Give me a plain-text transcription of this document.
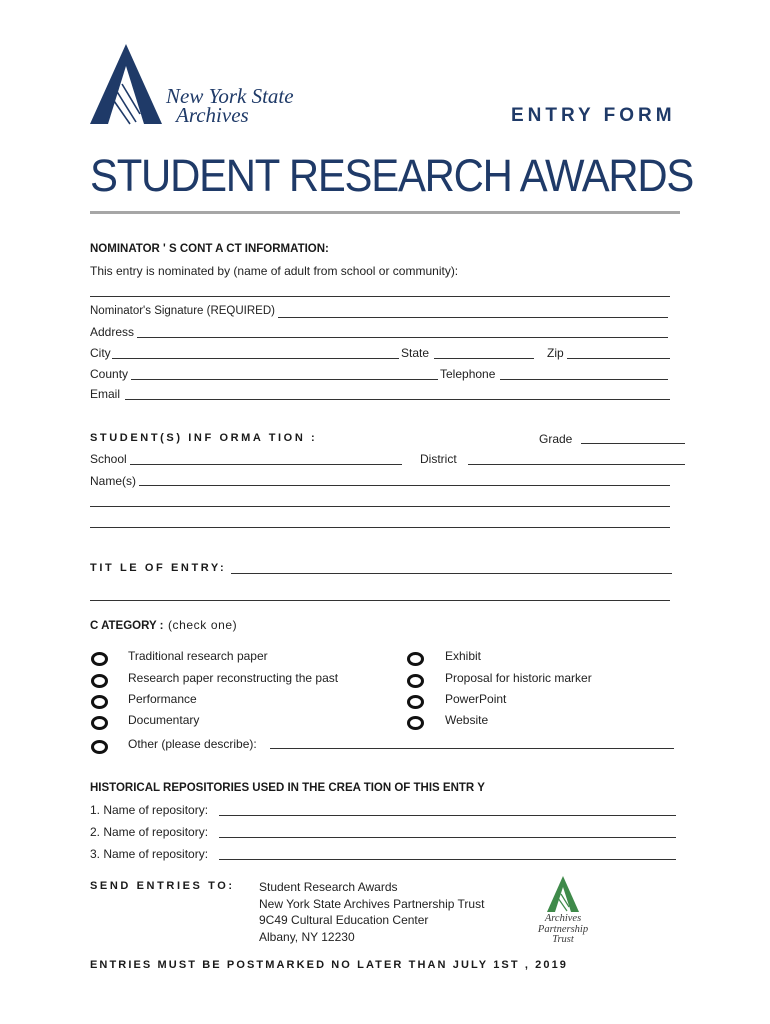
New York State
Archives	ENTRY FORM
STUDENT RESEARCH AWARDS
NOMINATOR ' S CONT A CT INFORMATION:
This entry is nominated by (name of adult from school or community):
Nominator's Signature (REQUIRED)
Address
City	State	Zip
County	Telephone
Email
STUDENT(S) INF ORMA TION :	Grade
School	District
Name(s)
TIT LE OF ENTRY:
C ATEGORY : (check one)
Traditional research paper
Research paper reconstructing the past
Performance
Documentary
Exhibit
Proposal for historic marker
PowerPoint
Website
Other (please describe):
HISTORICAL REPOSITORIES USED IN THE CREA TION OF THIS ENTR Y
1. Name of repository:
2. Name of repository:
3. Name of repository:
SEND ENTRIES TO: Student Research Awards
New York State Archives Partnership Trust
9C49 Cultural Education Center
Albany, NY 12230
Archives
Partnership
Trust
ENTRIES MUST BE POSTMARKED NO LATER THAN JULY 1ST , 2019
